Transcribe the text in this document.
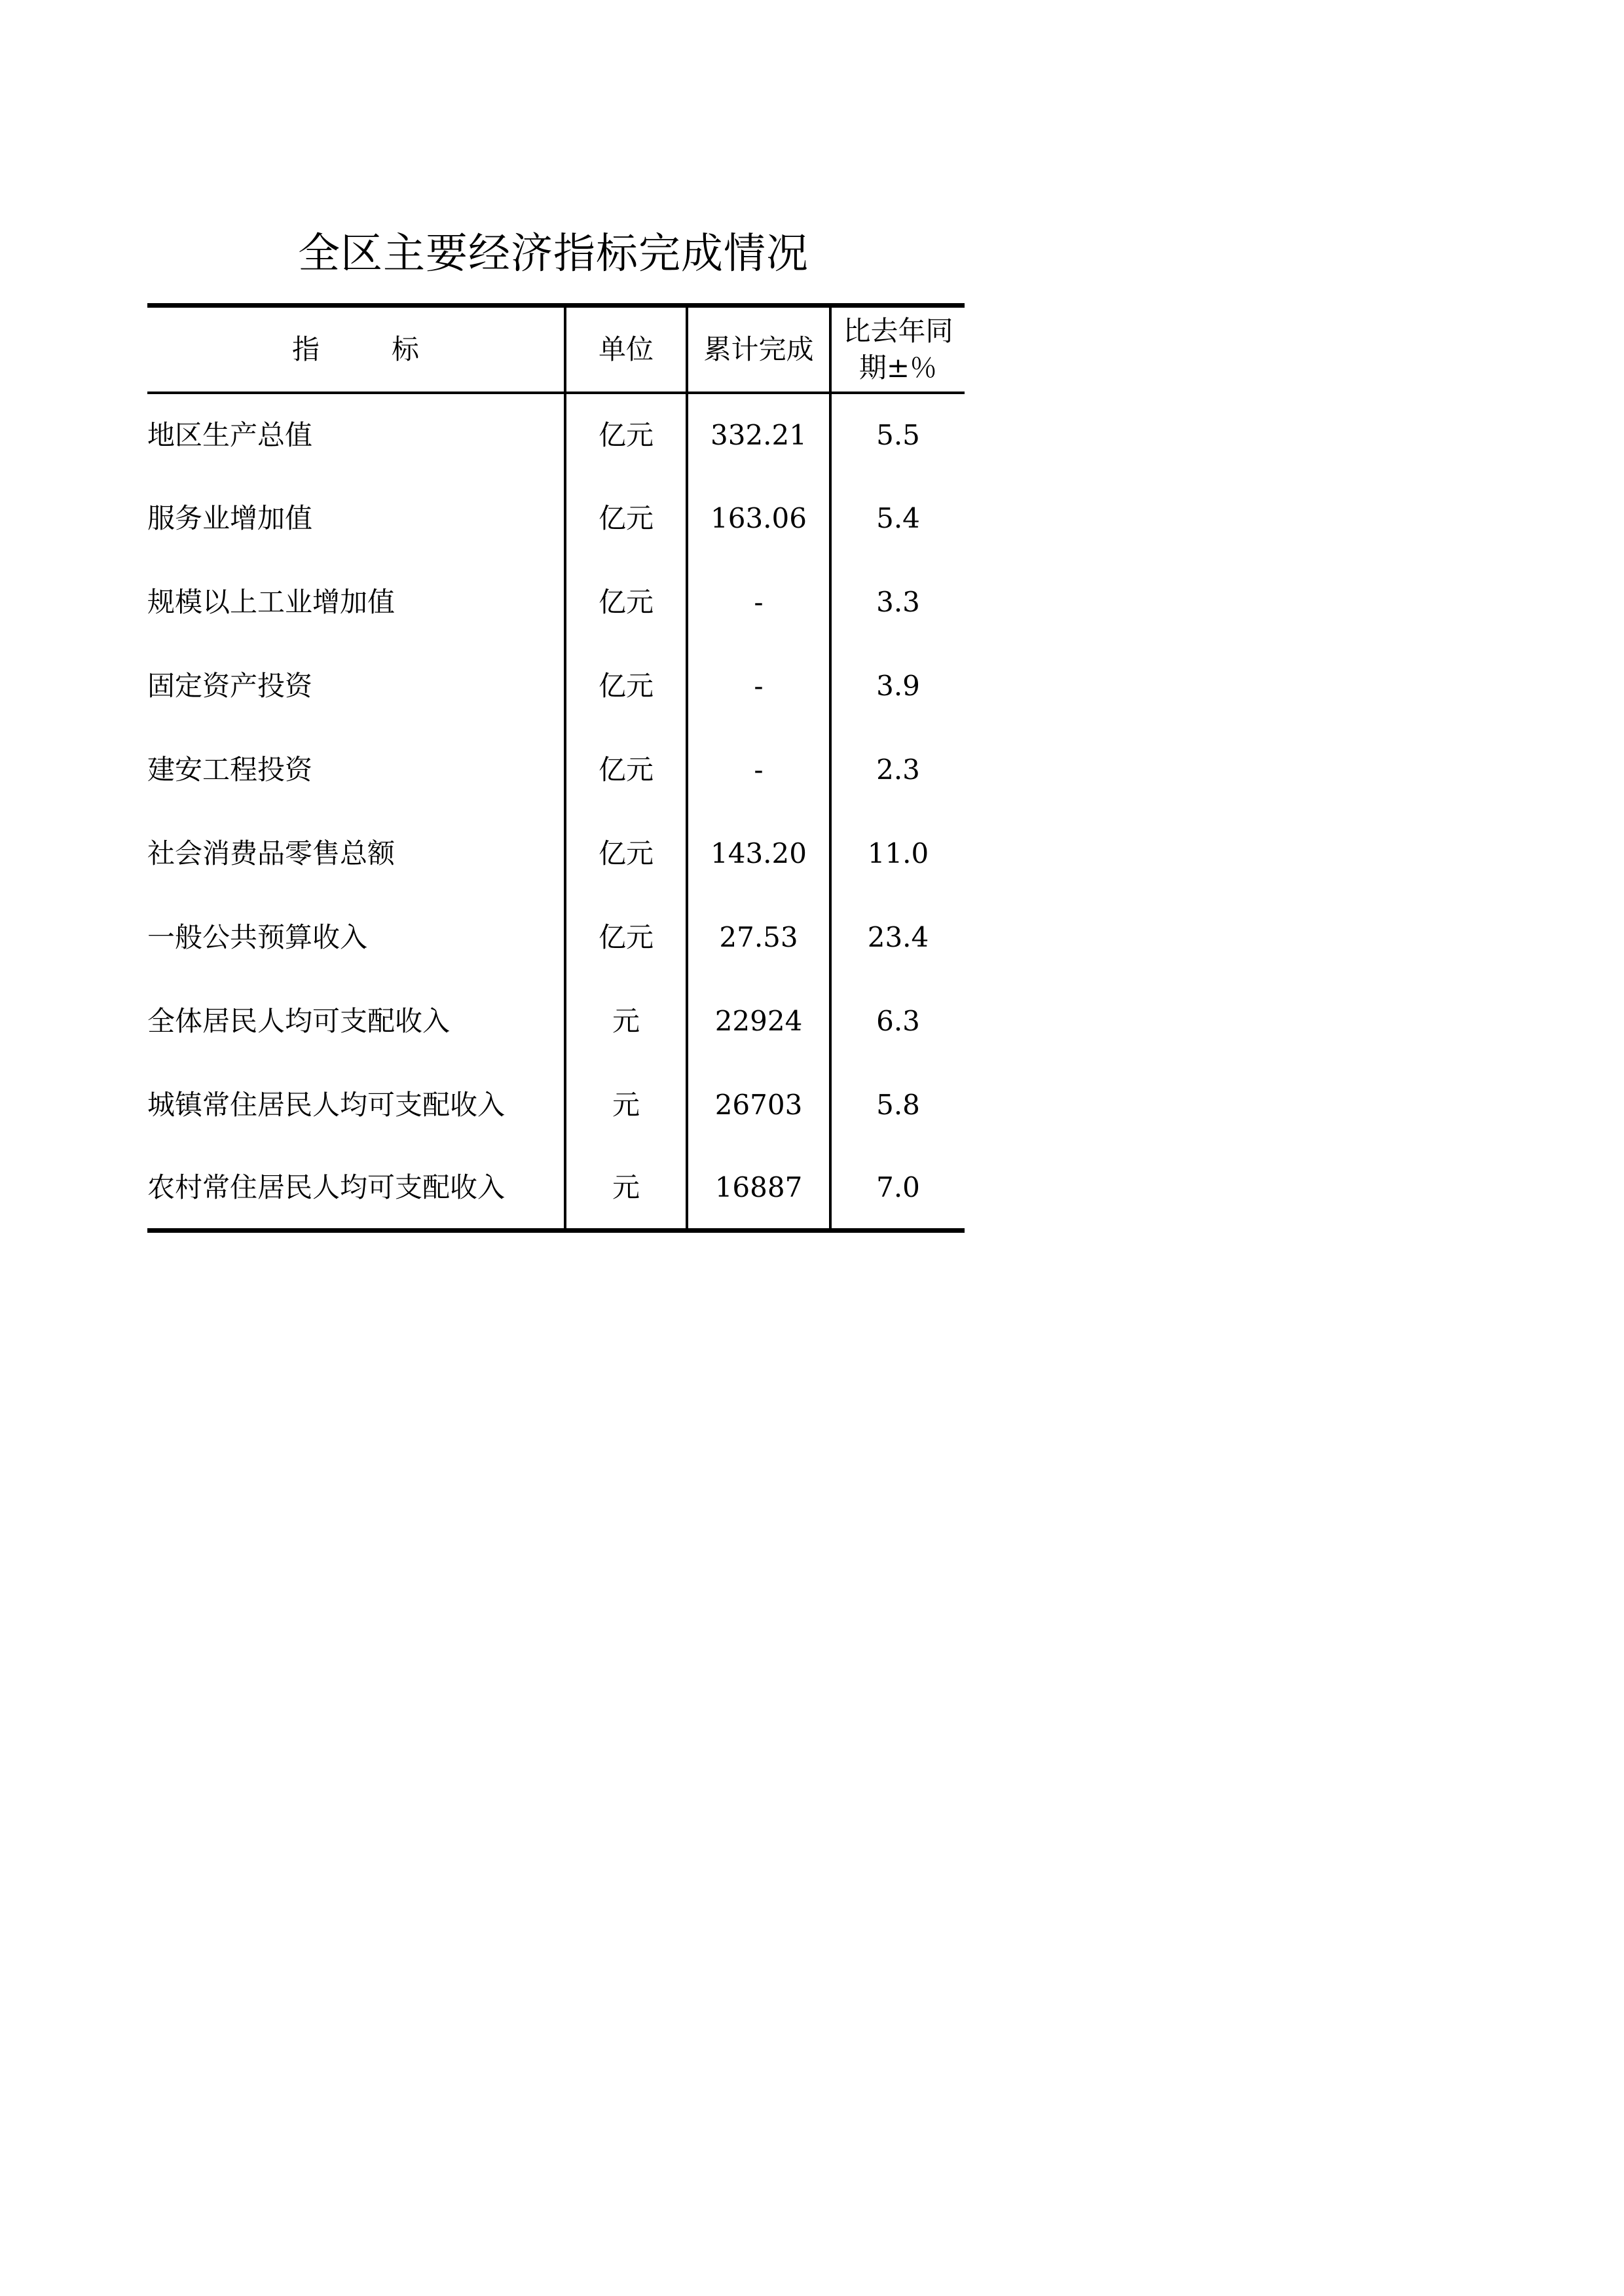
全区主要经济指标完成情况
指 标	单位	累计完成	比去年同
期±％

地区生产总值	亿元	332.21	5.5
服务业增加值	亿元	163.06	5.4
规模以上工业增加值	亿元	-	3.3
固定资产投资	亿元	-	3.9
建安工程投资	亿元	-	2.3
社会消费品零售总额	亿元	143.20	11.0
一般公共预算收入	亿元	27.53	23.4
全体居民人均可支配收入	元	22924	6.3
城镇常住居民人均可支配收入	元	26703	5.8
农村常住居民人均可支配收入	元	16887	7.0
